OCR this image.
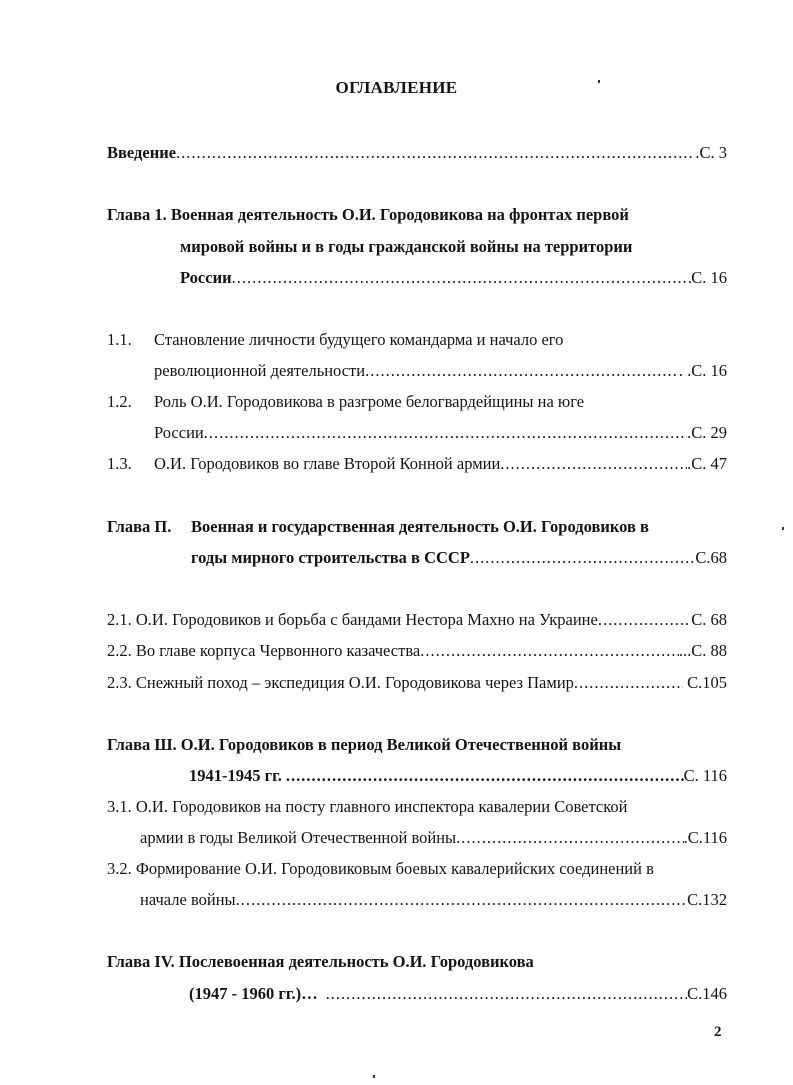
ОГЛАВЛЕНИЕ
Введение .....	.С. 3
Глава 1. Военная деятельность О.И. Городовикова на фронтах первой
мировой войны и в годы гражданской войны на территории
России .....	С. 16
1.1. Становление личности будущего командарма и начало его
революционной деятельности .....	. .С. 16
1.2. Роль О.И. Городовикова в разгроме белогвардейщины на юге
России .....	.С. 29
1.3. О.И. Городовиков во главе Второй Конной армии .....	.С. 47
Глава П. Военная и государственная деятельность О.И. Городовиков в
годы мирного строительства в СССР .....	С.68
2.1. О.И. Городовиков и борьба с бандами Нестора Махно на Украине .....	С. 68
2.2. Во главе корпуса Червонного казачества .....	...С. 88
2.3. Снежный поход – экспедиция О.И. Городовикова через Памир .....	С.105
Глава Ш. О.И. Городовиков в период Великой Отечественной войны
1941-1945 гг. .....	С. 116
3.1. О.И. Городовиков на посту главного инспектора кавалерии Советской
армии в годы Великой Отечественной войны .....	.С.116
3.2. Формирование О.И. Городовиковым боевых кавалерийских соединений в
начале войны .....	С.132
Глава IV. Послевоенная деятельность О.И. Городовикова
(1947 - 1960 гг.)… .....	С.146
2
